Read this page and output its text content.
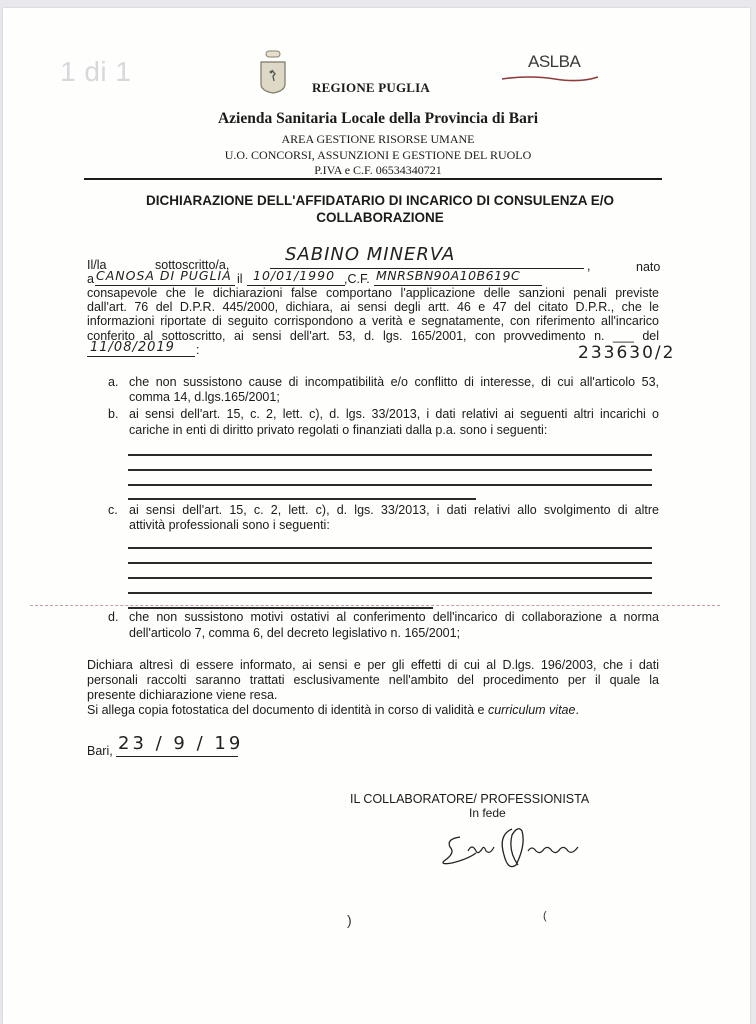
1 di 1	ASLBA
REGIONE PUGLIA
Azienda Sanitaria Locale della Provincia di Bari
AREA GESTIONE RISORSE UMANE
U.O. CONCORSI, ASSUNZIONI E GESTIONE DEL RUOLO
P.IVA e C.F. 06534340721
DICHIARAZIONE DELL'AFFIDATARIO DI INCARICO DI CONSULENZA E/O
COLLABORAZIONE
Il/la	sottoscritto/a,	SABINO MINERVA
,	nato
a CANOSA DI PUGLIA il 10/01/1990 ,C.F. MNRSBN90A10B619C
consapevole che le dichiarazioni false comportano l'applicazione delle sanzioni penali previste
dall'art. 76 del D.P.R. 445/2000, dichiara, ai sensi degli artt. 46 e 47 del citato D.P.R., che le
informazioni riportate di seguito corrispondono a verità e segnatamente, con riferimento all'incarico
conferito al sottoscritto, ai sensi dell'art. 53, d. lgs. 165/2001, con provvedimento n. ___ del
11/08/2019 :	233630/2
a. che non sussistono cause di incompatibilità e/o conflitto di interesse, di cui all'articolo 53,
comma 14, d.lgs.165/2001;
b. ai sensi dell'art. 15, c. 2, lett. c), d. lgs. 33/2013, i dati relativi ai seguenti altri incarichi o
cariche in enti di diritto privato regolati o finanziati dalla p.a. sono i seguenti:
c. ai sensi dell'art. 15, c. 2, lett. c), d. lgs. 33/2013, i dati relativi allo svolgimento di altre
attività professionali sono i seguenti:
d. che non sussistono motivi ostativi al conferimento dell'incarico di collaborazione a norma
dell'articolo 7, comma 6, del decreto legislativo n. 165/2001;
Dichiara altresì di essere informato, ai sensi e per gli effetti di cui al D.lgs. 196/2003, che i dati
personali raccolti saranno trattati esclusivamente nell'ambito del procedimento per il quale la
presente dichiarazione viene resa.
Si allega copia fotostatica del documento di identità in corso di validità e curriculum vitae.
Bari, 23 / 9 / 19
IL COLLABORATORE/ PROFESSIONISTA
In fede
)	(
